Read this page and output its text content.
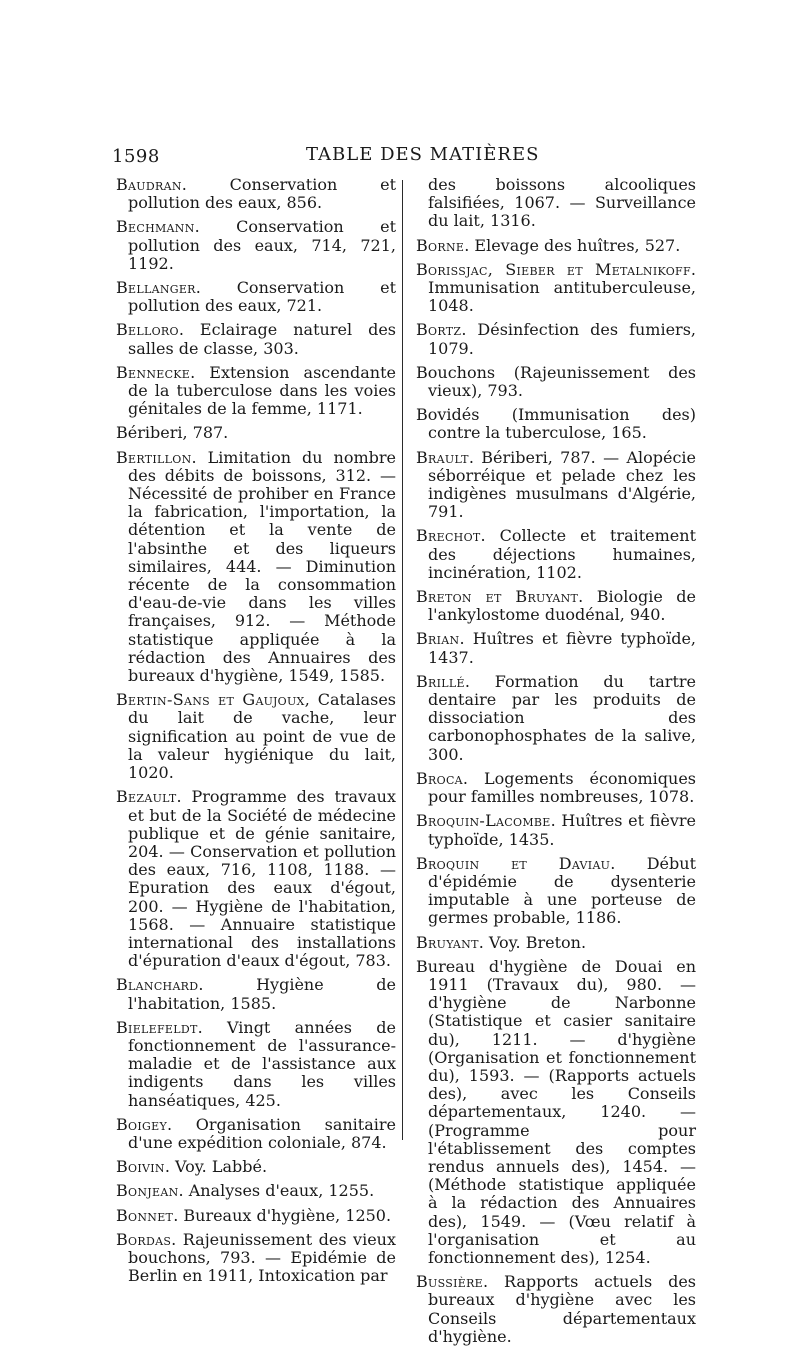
1598	TABLE DES MATIÈRES

Baudran. Conservation et pollution des eaux, 856.

Bechmann. Conservation et pollution des eaux, 714, 721, 1192.

Bellanger. Conservation et pollution des eaux, 721.

Belloro. Eclairage naturel des salles de classe, 303.

Bennecke. Extension ascendante de la tuberculose dans les voies génitales de la femme, 1171.

Bériberi, 787.

Bertillon. Limitation du nombre des débits de boissons, 312. — Nécessité de prohiber en France la fabrication, l'importation, la détention et la vente de l'absinthe et des liqueurs similaires, 444. — Diminution récente de la consommation d'eau-de-vie dans les villes françaises, 912. — Méthode statistique appliquée à la rédaction des Annuaires des bureaux d'hygiène, 1549, 1585.

Bertin-Sans et Gaujoux, Catalases du lait de vache, leur signification au point de vue de la valeur hygiénique du lait, 1020.

Bezault. Programme des travaux et but de la Société de médecine publique et de génie sanitaire, 204. — Conservation et pollution des eaux, 716, 1108, 1188. — Epuration des eaux d'égout, 200. — Hygiène de l'habitation, 1568. — Annuaire statistique international des installations d'épuration d'eaux d'égout, 783.

Blanchard. Hygiène de l'habitation, 1585.

Bielefeldt. Vingt années de fonctionnement de l'assurance-maladie et de l'assistance aux indigents dans les villes hanséatiques, 425.

Boigey. Organisation sanitaire d'une expédition coloniale, 874.

Boivin. Voy. Labbé.

Bonjean. Analyses d'eaux, 1255.

Bonnet. Bureaux d'hygiène, 1250.

Bordas. Rajeunissement des vieux bouchons, 793. — Epidémie de Berlin en 1911, Intoxication par

des boissons alcooliques falsifiées, 1067. — Surveillance du lait, 1316.

Borne. Elevage des huîtres, 527.

Borissjac, Sieber et Metalnikoff. Immunisation antituberculeuse, 1048.

Bortz. Désinfection des fumiers, 1079.

Bouchons (Rajeunissement des vieux), 793.

Bovidés (Immunisation des) contre la tuberculose, 165.

Brault. Bériberi, 787. — Alopécie séborréique et pelade chez les indigènes musulmans d'Algérie, 791.

Brechot. Collecte et traitement des déjections humaines, incinération, 1102.

Breton et Bruyant. Biologie de l'ankylostome duodénal, 940.

Brian. Huîtres et fièvre typhoïde, 1437.

Brillé. Formation du tartre dentaire par les produits de dissociation des carbonophosphates de la salive, 300.

Broca. Logements économiques pour familles nombreuses, 1078.

Broquin-Lacombe. Huîtres et fièvre typhoïde, 1435.

Broquin et Daviau. Début d'épidémie de dysenterie imputable à une porteuse de germes probable, 1186.

Bruyant. Voy. Breton.

Bureau d'hygiène de Douai en 1911 (Travaux du), 980. — d'hygiène de Narbonne (Statistique et casier sanitaire du), 1211. — d'hygiène (Organisation et fonctionnement du), 1593. — (Rapports actuels des), avec les Conseils départementaux, 1240. — (Programme pour l'établissement des comptes rendus annuels des), 1454. — (Méthode statistique appliquée à la rédaction des Annuaires des), 1549. — (Vœu relatif à l'organisation et au fonctionnement des), 1254.

Bussière. Rapports actuels des bureaux d'hygiène avec les Conseils départementaux d'hygiène.
